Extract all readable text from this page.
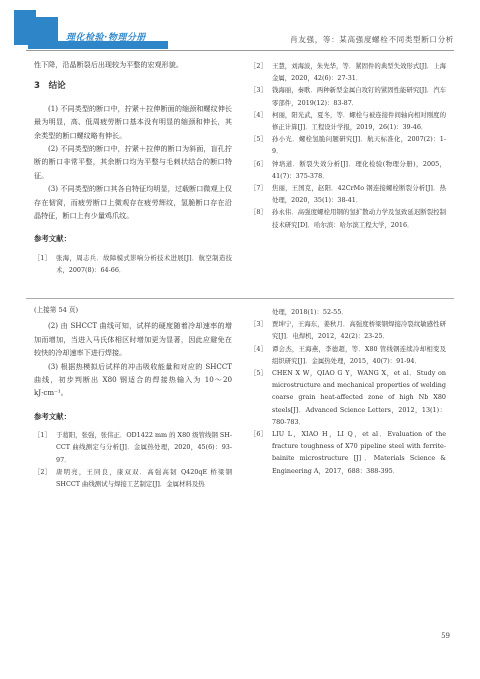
理化检验·物理分册	肖友强，等：某高强度螺栓不同类型断口分析

性下降，沿晶断裂后出现较为平整的宏观形貌。

3　结论

(1) 不同类型的断口中，拧紧＋拉伸断面的缩颈和螺纹伸长最为明显，高、低周疲劳断口基本没有明显的缩颈和伸长，其余类型的断口螺纹略有伸长。

(2) 不同类型的断口中，拧紧＋拉伸的断口为斜面，盲孔拧断的断口非常平整，其余断口均为平整与毛刺状结合的断口特征。

(3) 不同类型的断口其各自特征均明显，过载断口微观上仅存在韧窝，而疲劳断口上微观存在疲劳辉纹，氢脆断口存在沿晶特征，断口上有少量鸡爪纹。

参考文献：
［1］ 张海，周志兵．故障模式影响分析技术进展[J]．航空制造技术，2007(8)：64-66．
［2］ 王慧，刘海波，朱先华，等．紧固件的典型失效形式[J]．上海金属，2020，42(6)：27-31．
［3］ 钱海丽，秦歌．两种新型金属自攻钉的紧固性能研究[J]．汽车零部件，2019(12)：83-87．
［4］ 柯丽，阳光武，夏冬，等．螺栓与被连接件间轴向相对刚度的修正计算[J]．工程设计学报，2019，26(1)：39-46．
［5］ 孙小光．螺栓氢脆问题研究[J]．航天标准化，2007(2)：1-9．
［6］ 钟培道．断裂失效分析[J]．理化检验(物理分册)，2005，41(7)：375-378．
［7］ 焦丽，王国克，赵阳．42CrMo 钢连接螺栓断裂分析[J]．热处理，2020，35(1)：38-41．
［8］ 孙永伟．高强度螺栓用钢的氢扩散动力学及氢致延迟断裂控制技术研究[D]．哈尔滨：哈尔滨工程大学，2016．
(上接第 54 页)

(2) 由 SHCCT 曲线可知，试样的硬度随着冷却速率的增加而增加，当进入马氏体相区时增加更为显著，因此应避免在较快的冷却速率下进行焊接。

(3) 根据热模拟后试样的冲击吸收能量和对应的 SHCCT 曲线，初步判断出 X80 钢适合的焊接热输入为 10～20 kJ·cm⁻¹。

参考文献：
［1］ 于葛阳，张强，张伟正．OD1422 mm 的 X80 级管线钢 SH-CCT 曲线测定与分析[J]．金属热处理，2020，45(6)：93-97．
［2］ 唐明亮，王同良，康双双．高强高韧 Q420qE 桥梁钢 SHCCT 曲线测试与焊接工艺制定[J]．金属材料及热
处理，2018(1)：52-55．
［3］ 贾坤宁，王海东，姜秋月．高强度桥梁钢焊接冷裂纹敏感性研究[J]．电焊机，2012，42(2)：23-25．
［4］ 谭会杰，王海燕，李德超，等．X80 管线钢连续冷却相变及组织研究[J]．金属热处理，2015，40(7)：91-94．
［5］ CHEN X W，QIAO G Y，WANG X，et al．Study on microstructure and mechanical properties of welding coarse grain heat-affected zone of high Nb X80 steels[J]．Advanced Science Letters，2012，13(1)：780-783．
［6］ LIU L，XIAO H，LI Q，et al．Evaluation of the fracture toughness of X70 pipeline steel with ferrite-bainite microstructure [J]．Materials Science & Engineering A，2017，688：388-395．
59
